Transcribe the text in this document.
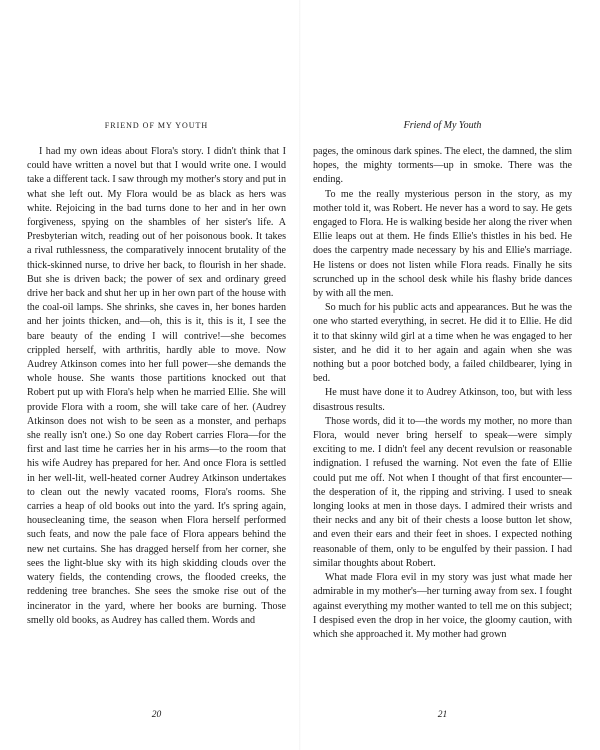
FRIEND OF MY YOUTH

I had my own ideas about Flora's story. I didn't think that I could have written a novel but that I would write one. I would take a different tack. I saw through my mother's story and put in what she left out. My Flora would be as black as hers was white. Rejoicing in the bad turns done to her and in her own forgiveness, spying on the shambles of her sister's life. A Presbyterian witch, reading out of her poisonous book. It takes a rival ruthlessness, the comparatively innocent brutality of the thick-skinned nurse, to drive her back, to flourish in her shade. But she is driven back; the power of sex and ordinary greed drive her back and shut her up in her own part of the house with the coal-oil lamps. She shrinks, she caves in, her bones harden and her joints thicken, and—oh, this is it, this is it, I see the bare beauty of the ending I will contrive!—she becomes crippled herself, with arthritis, hardly able to move. Now Audrey Atkinson comes into her full power—she demands the whole house. She wants those partitions knocked out that Robert put up with Flora's help when he married Ellie. She will provide Flora with a room, she will take care of her. (Audrey Atkinson does not wish to be seen as a monster, and perhaps she really isn't one.) So one day Robert carries Flora—for the first and last time he carries her in his arms—to the room that his wife Audrey has prepared for her. And once Flora is settled in her well-lit, well-heated corner Audrey Atkinson undertakes to clean out the newly vacated rooms, Flora's rooms. She carries a heap of old books out into the yard. It's spring again, housecleaning time, the season when Flora herself performed such feats, and now the pale face of Flora appears behind the new net curtains. She has dragged herself from her corner, she sees the light-blue sky with its high skidding clouds over the watery fields, the contending crows, the flooded creeks, the reddening tree branches. She sees the smoke rise out of the incinerator in the yard, where her books are burning. Those smelly old books, as Audrey has called them. Words and

20
Friend of My Youth

pages, the ominous dark spines. The elect, the damned, the slim hopes, the mighty torments—up in smoke. There was the ending.

To me the really mysterious person in the story, as my mother told it, was Robert. He never has a word to say. He gets engaged to Flora. He is walking beside her along the river when Ellie leaps out at them. He finds Ellie's thistles in his bed. He does the carpentry made necessary by his and Ellie's marriage. He listens or does not listen while Flora reads. Finally he sits scrunched up in the school desk while his flashy bride dances by with all the men.

So much for his public acts and appearances. But he was the one who started everything, in secret. He did it to Ellie. He did it to that skinny wild girl at a time when he was engaged to her sister, and he did it to her again and again when she was nothing but a poor botched body, a failed childbearer, lying in bed.

He must have done it to Audrey Atkinson, too, but with less disastrous results.

Those words, did it to—the words my mother, no more than Flora, would never bring herself to speak—were simply exciting to me. I didn't feel any decent revulsion or reasonable indignation. I refused the warning. Not even the fate of Ellie could put me off. Not when I thought of that first encounter—the desperation of it, the ripping and striving. I used to sneak longing looks at men in those days. I admired their wrists and their necks and any bit of their chests a loose button let show, and even their ears and their feet in shoes. I expected nothing reasonable of them, only to be engulfed by their passion. I had similar thoughts about Robert.

What made Flora evil in my story was just what made her admirable in my mother's—her turning away from sex. I fought against everything my mother wanted to tell me on this subject; I despised even the drop in her voice, the gloomy caution, with which she approached it. My mother had grown

21
